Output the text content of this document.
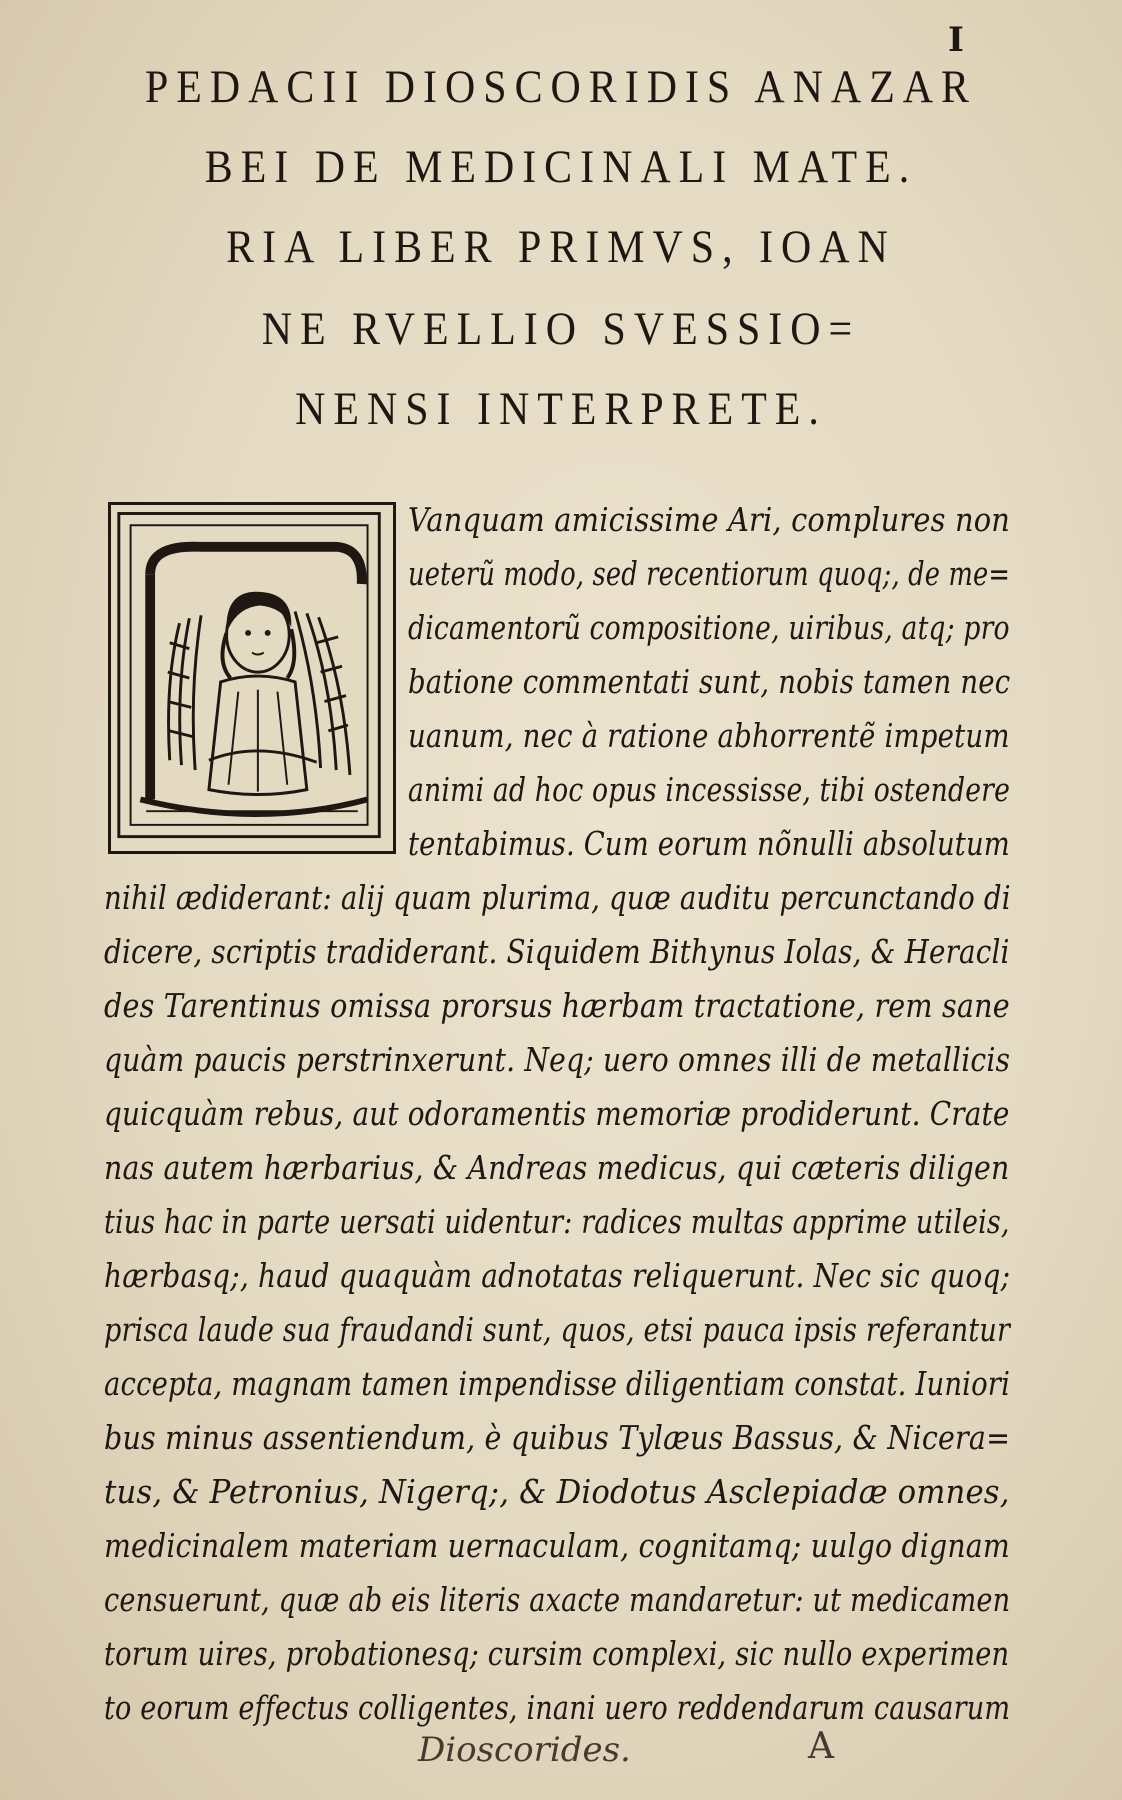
I
PEDACII DIOSCORIDIS ANAZAR
BEI DE MEDICINALI MATE.
RIA LIBER PRIMVS, IOAN
NE RVELLIO SVESSIO=
NENSI INTERPRETE.
Vanquam amicissime Ari, complures non
ueterũ modo, sed recentiorum quoq;, de me=
dicamentorũ compositione, uiribus, atq; pro
batione commentati sunt, nobis tamen nec
uanum, nec à ratione abhorrentẽ impetum
animi ad hoc opus incessisse, tibi ostendere
tentabimus. Cum eorum nõnulli absolutum
nihil ædiderant: alij quam plurima, quæ auditu percunctando di
dicere, scriptis tradiderant. Siquidem Bithynus Iolas, & Heracli
des Tarentinus omissa prorsus hærbam tractatione, rem sane
quàm paucis perstrinxerunt. Neq; uero omnes illi de metallicis
quicquàm rebus, aut odoramentis memoriæ prodiderunt. Crate
nas autem hærbarius, & Andreas medicus, qui cæteris diligen
tius hac in parte uersati uidentur: radices multas apprime utileis,
hærbasq;, haud quaquàm adnotatas reliquerunt. Nec sic quoq;
prisca laude sua fraudandi sunt, quos, etsi pauca ipsis referantur
accepta, magnam tamen impendisse diligentiam constat. Iuniori
bus minus assentiendum, è quibus Tylæus Bassus, & Nicera=
tus, & Petronius, Nigerq;, & Diodotus Asclepiadæ omnes,
medicinalem materiam uernaculam, cognitamq; uulgo dignam
censuerunt, quæ ab eis literis axacte mandaretur: ut medicamen
torum uires, probationesq; cursim complexi, sic nullo experimen
to eorum effectus colligentes, inani uero reddendarum causarum
Dioscorides.	A
